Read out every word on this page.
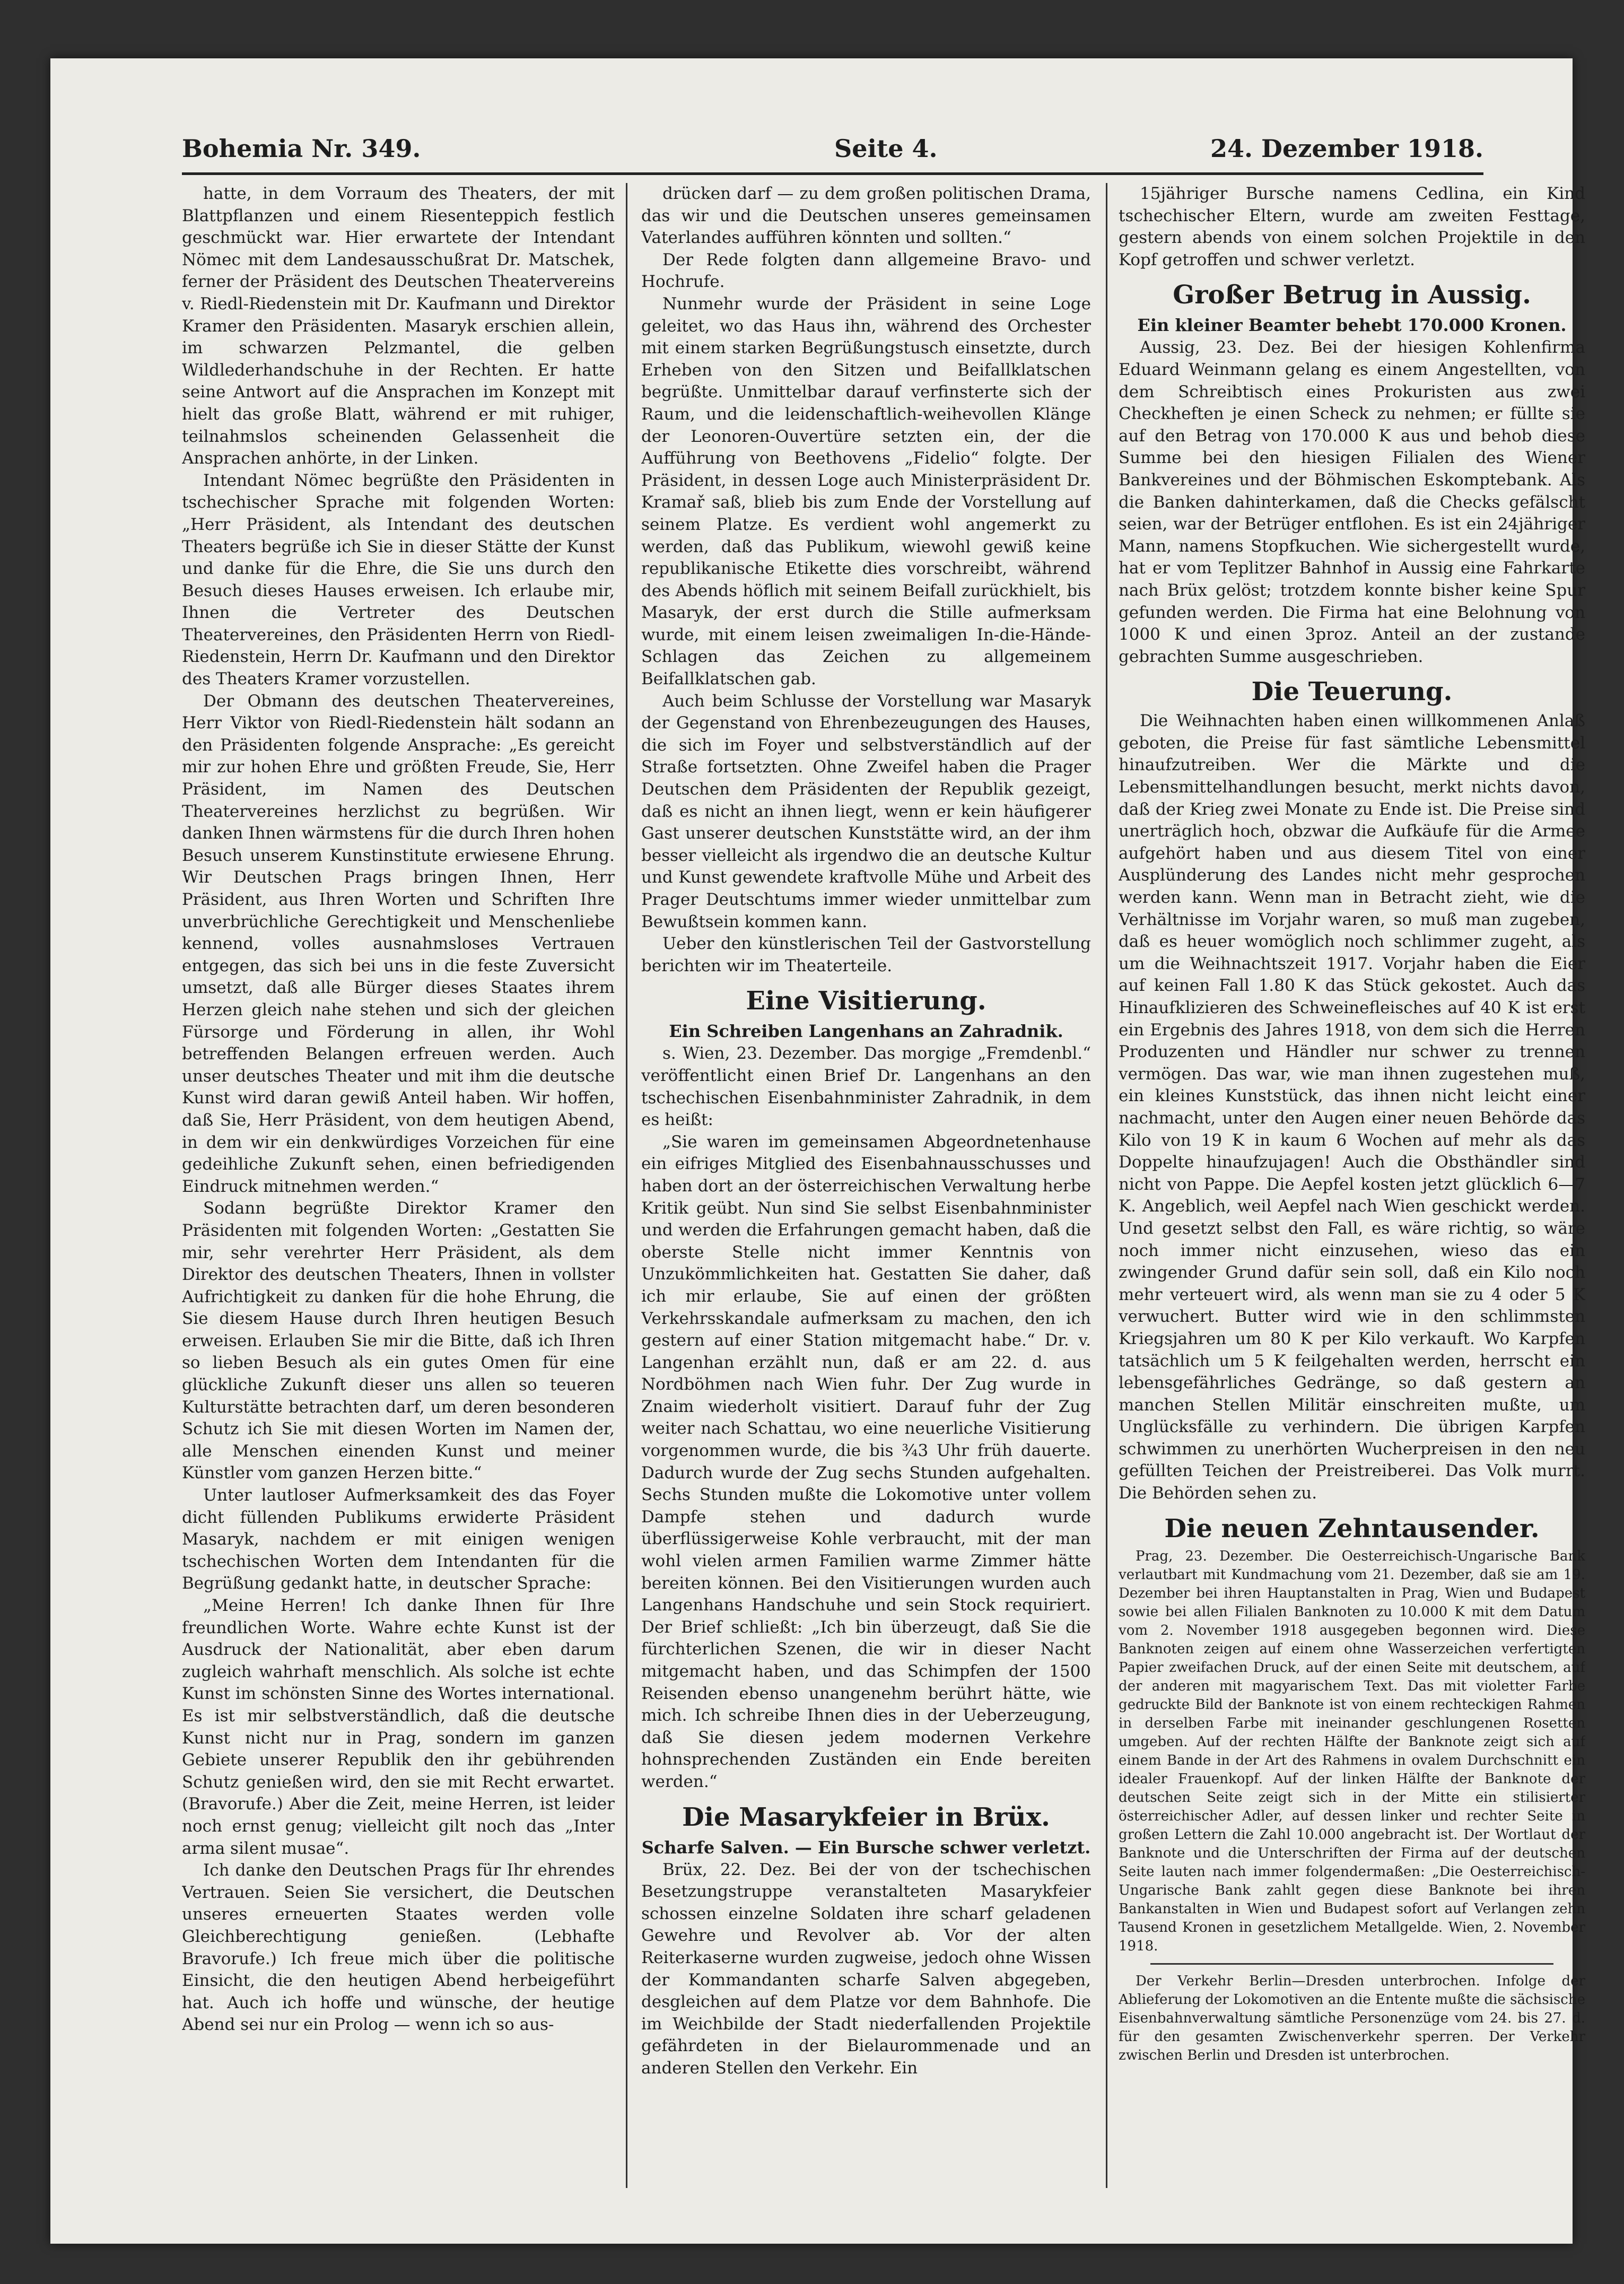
Bohemia Nr. 349.	Seite 4.	24. Dezember 1918.

hatte, in dem Vorraum des Theaters, der mit Blattpflanzen und einem Riesenteppich festlich geschmückt war. Hier erwartete der Intendant Nömec mit dem Landesausschußrat Dr. Matschek, ferner der Präsident des Deutschen Theatervereins v. Riedl-Riedenstein mit Dr. Kaufmann und Direktor Kramer den Präsidenten. Masaryk erschien allein, im schwarzen Pelzmantel, die gelben Wildlederhandschuhe in der Rechten. Er hatte seine Antwort auf die Ansprachen im Konzept mit hielt das große Blatt, während er mit ruhiger, teilnahmslos scheinenden Gelassenheit die Ansprachen anhörte, in der Linken.

Intendant Nömec begrüßte den Präsidenten in tschechischer Sprache mit folgenden Worten: „Herr Präsident, als Intendant des deutschen Theaters begrüße ich Sie in dieser Stätte der Kunst und danke für die Ehre, die Sie uns durch den Besuch dieses Hauses erweisen. Ich erlaube mir, Ihnen die Vertreter des Deutschen Theatervereines, den Präsidenten Herrn von Riedl-Riedenstein, Herrn Dr. Kaufmann und den Direktor des Theaters Kramer vorzustellen.

Der Obmann des deutschen Theatervereines, Herr Viktor von Riedl-Riedenstein hält sodann an den Präsidenten folgende Ansprache: „Es gereicht mir zur hohen Ehre und größten Freude, Sie, Herr Präsident, im Namen des Deutschen Theatervereines herzlichst zu begrüßen. Wir danken Ihnen wärmstens für die durch Ihren hohen Besuch unserem Kunstinstitute erwiesene Ehrung. Wir Deutschen Prags bringen Ihnen, Herr Präsident, aus Ihren Worten und Schriften Ihre unverbrüchliche Gerechtigkeit und Menschenliebe kennend, volles ausnahmsloses Vertrauen entgegen, das sich bei uns in die feste Zuversicht umsetzt, daß alle Bürger dieses Staates ihrem Herzen gleich nahe stehen und sich der gleichen Fürsorge und Förderung in allen, ihr Wohl betreffenden Belangen erfreuen werden. Auch unser deutsches Theater und mit ihm die deutsche Kunst wird daran gewiß Anteil haben. Wir hoffen, daß Sie, Herr Präsident, von dem heutigen Abend, in dem wir ein denkwürdiges Vorzeichen für eine gedeihliche Zukunft sehen, einen befriedigenden Eindruck mitnehmen werden.“

Sodann begrüßte Direktor Kramer den Präsidenten mit folgenden Worten: „Gestatten Sie mir, sehr verehrter Herr Präsident, als dem Direktor des deutschen Theaters, Ihnen in vollster Aufrichtigkeit zu danken für die hohe Ehrung, die Sie diesem Hause durch Ihren heutigen Besuch erweisen. Erlauben Sie mir die Bitte, daß ich Ihren so lieben Besuch als ein gutes Omen für eine glückliche Zukunft dieser uns allen so teueren Kulturstätte betrachten darf, um deren besonderen Schutz ich Sie mit diesen Worten im Namen der, alle Menschen einenden Kunst und meiner Künstler vom ganzen Herzen bitte.“

Unter lautloser Aufmerksamkeit des das Foyer dicht füllenden Publikums erwiderte Präsident Masaryk, nachdem er mit einigen wenigen tschechischen Worten dem Intendanten für die Begrüßung gedankt hatte, in deutscher Sprache:

„Meine Herren! Ich danke Ihnen für Ihre freundlichen Worte. Wahre echte Kunst ist der Ausdruck der Nationalität, aber eben darum zugleich wahrhaft menschlich. Als solche ist echte Kunst im schönsten Sinne des Wortes international. Es ist mir selbstverständlich, daß die deutsche Kunst nicht nur in Prag, sondern im ganzen Gebiete unserer Republik den ihr gebührenden Schutz genießen wird, den sie mit Recht erwartet. (Bravorufe.) Aber die Zeit, meine Herren, ist leider noch ernst genug; vielleicht gilt noch das „Inter arma silent musae“.

Ich danke den Deutschen Prags für Ihr ehrendes Vertrauen. Seien Sie versichert, die Deutschen unseres erneuerten Staates werden volle Gleichberechtigung genießen. (Lebhafte Bravorufe.) Ich freue mich über die politische Einsicht, die den heutigen Abend herbeigeführt hat. Auch ich hoffe und wünsche, der heutige Abend sei nur ein Prolog — wenn ich so aus-

drücken darf — zu dem großen politischen Drama, das wir und die Deutschen unseres gemeinsamen Vaterlandes aufführen könnten und sollten.“

Der Rede folgten dann allgemeine Bravo- und Hochrufe.

Nunmehr wurde der Präsident in seine Loge geleitet, wo das Haus ihn, während des Orchester mit einem starken Begrüßungstusch einsetzte, durch Erheben von den Sitzen und Beifallklatschen begrüßte. Unmittelbar darauf verfinsterte sich der Raum, und die leidenschaftlich-weihevollen Klänge der Leonoren-Ouvertüre setzten ein, der die Aufführung von Beethovens „Fidelio“ folgte. Der Präsident, in dessen Loge auch Ministerpräsident Dr. Kramař saß, blieb bis zum Ende der Vorstellung auf seinem Platze. Es verdient wohl angemerkt zu werden, daß das Publikum, wiewohl gewiß keine republikanische Etikette dies vorschreibt, während des Abends höflich mit seinem Beifall zurückhielt, bis Masaryk, der erst durch die Stille aufmerksam wurde, mit einem leisen zweimaligen In-die-Hände-Schlagen das Zeichen zu allgemeinem Beifallklatschen gab.

Auch beim Schlusse der Vorstellung war Masaryk der Gegenstand von Ehrenbezeugungen des Hauses, die sich im Foyer und selbstverständlich auf der Straße fortsetzten. Ohne Zweifel haben die Prager Deutschen dem Präsidenten der Republik gezeigt, daß es nicht an ihnen liegt, wenn er kein häufigerer Gast unserer deutschen Kunststätte wird, an der ihm besser vielleicht als irgendwo die an deutsche Kultur und Kunst gewendete kraftvolle Mühe und Arbeit des Prager Deutschtums immer wieder unmittelbar zum Bewußtsein kommen kann.

Ueber den künstlerischen Teil der Gastvorstellung berichten wir im Theaterteile.

Eine Visitierung.

Ein Schreiben Langenhans an Zahradnik.

s. Wien, 23. Dezember. Das morgige „Fremdenbl.“ veröffentlicht einen Brief Dr. Langenhans an den tschechischen Eisenbahnminister Zahradnik, in dem es heißt:

„Sie waren im gemeinsamen Abgeordnetenhause ein eifriges Mitglied des Eisenbahnausschusses und haben dort an der österreichischen Verwaltung herbe Kritik geübt. Nun sind Sie selbst Eisenbahnminister und werden die Erfahrungen gemacht haben, daß die oberste Stelle nicht immer Kenntnis von Unzukömmlichkeiten hat. Gestatten Sie daher, daß ich mir erlaube, Sie auf einen der größten Verkehrsskandale aufmerksam zu machen, den ich gestern auf einer Station mitgemacht habe.“ Dr. v. Langenhan erzählt nun, daß er am 22. d. aus Nordböhmen nach Wien fuhr. Der Zug wurde in Znaim wiederholt visitiert. Darauf fuhr der Zug weiter nach Schattau, wo eine neuerliche Visitierung vorgenommen wurde, die bis ¾3 Uhr früh dauerte. Dadurch wurde der Zug sechs Stunden aufgehalten. Sechs Stunden mußte die Lokomotive unter vollem Dampfe stehen und dadurch wurde überflüssigerweise Kohle verbraucht, mit der man wohl vielen armen Familien warme Zimmer hätte bereiten können. Bei den Visitierungen wurden auch Langenhans Handschuhe und sein Stock requiriert. Der Brief schließt: „Ich bin überzeugt, daß Sie die fürchterlichen Szenen, die wir in dieser Nacht mitgemacht haben, und das Schimpfen der 1500 Reisenden ebenso unangenehm berührt hätte, wie mich. Ich schreibe Ihnen dies in der Ueberzeugung, daß Sie diesen jedem modernen Verkehre hohnsprechenden Zuständen ein Ende bereiten werden.“

Die Masarykfeier in Brüx.

Scharfe Salven. — Ein Bursche schwer verletzt.

Brüx, 22. Dez. Bei der von der tschechischen Besetzungstruppe veranstalteten Masarykfeier schossen einzelne Soldaten ihre scharf geladenen Gewehre und Revolver ab. Vor der alten Reiterkaserne wurden zugweise, jedoch ohne Wissen der Kommandanten scharfe Salven abgegeben, desgleichen auf dem Platze vor dem Bahnhofe. Die im Weichbilde der Stadt niederfallenden Projektile gefährdeten in der Bielaurommenade und an anderen Stellen den Verkehr. Ein

15jähriger Bursche namens Cedlina, ein Kind tschechischer Eltern, wurde am zweiten Festtage, gestern abends von einem solchen Projektile in den Kopf getroffen und schwer verletzt.

Großer Betrug in Aussig.

Ein kleiner Beamter behebt 170.000 Kronen.

Aussig, 23. Dez. Bei der hiesigen Kohlenfirma Eduard Weinmann gelang es einem Angestellten, von dem Schreibtisch eines Prokuristen aus zwei Checkheften je einen Scheck zu nehmen; er füllte sie auf den Betrag von 170.000 K aus und behob diese Summe bei den hiesigen Filialen des Wiener Bankvereines und der Böhmischen Eskomptebank. Als die Banken dahinterkamen, daß die Checks gefälscht seien, war der Betrüger entflohen. Es ist ein 24jähriger Mann, namens Stopfkuchen. Wie sichergestellt wurde, hat er vom Teplitzer Bahnhof in Aussig eine Fahrkarte nach Brüx gelöst; trotzdem konnte bisher keine Spur gefunden werden. Die Firma hat eine Belohnung von 1000 K und einen 3proz. Anteil an der zustande gebrachten Summe ausgeschrieben.

Die Teuerung.

Die Weihnachten haben einen willkommenen Anlaß geboten, die Preise für fast sämtliche Lebensmittel hinaufzutreiben. Wer die Märkte und die Lebensmittelhandlungen besucht, merkt nichts davon, daß der Krieg zwei Monate zu Ende ist. Die Preise sind unerträglich hoch, obzwar die Aufkäufe für die Armee aufgehört haben und aus diesem Titel von einer Ausplünderung des Landes nicht mehr gesprochen werden kann. Wenn man in Betracht zieht, wie die Verhältnisse im Vorjahr waren, so muß man zugeben, daß es heuer womöglich noch schlimmer zugeht, als um die Weihnachtszeit 1917. Vorjahr haben die Eier auf keinen Fall 1.80 K das Stück gekostet. Auch das Hinaufklizieren des Schweinefleisches auf 40 K ist erst ein Ergebnis des Jahres 1918, von dem sich die Herren Produzenten und Händler nur schwer zu trennen vermögen. Das war, wie man ihnen zugestehen muß, ein kleines Kunststück, das ihnen nicht leicht einer nachmacht, unter den Augen einer neuen Behörde das Kilo von 19 K in kaum 6 Wochen auf mehr als das Doppelte hinaufzujagen! Auch die Obsthändler sind nicht von Pappe. Die Aepfel kosten jetzt glücklich 6—7 K. Angeblich, weil Aepfel nach Wien geschickt werden. Und gesetzt selbst den Fall, es wäre richtig, so wäre noch immer nicht einzusehen, wieso das ein zwingender Grund dafür sein soll, daß ein Kilo noch mehr verteuert wird, als wenn man sie zu 4 oder 5 K verwuchert. Butter wird wie in den schlimmsten Kriegsjahren um 80 K per Kilo verkauft. Wo Karpfen tatsächlich um 5 K feilgehalten werden, herrscht ein lebensgefährliches Gedränge, so daß gestern an manchen Stellen Militär einschreiten mußte, um Unglücksfälle zu verhindern. Die übrigen Karpfen schwimmen zu unerhörten Wucherpreisen in den neu gefüllten Teichen der Preistreiberei. Das Volk murrt. Die Behörden sehen zu.

Die neuen Zehntausender.

Prag, 23. Dezember. Die Oesterreichisch-Ungarische Bank verlautbart mit Kundmachung vom 21. Dezember, daß sie am 19. Dezember bei ihren Hauptanstalten in Prag, Wien und Budapest sowie bei allen Filialen Banknoten zu 10.000 K mit dem Datum vom 2. November 1918 ausgegeben begonnen wird. Diese Banknoten zeigen auf einem ohne Wasserzeichen verfertigten Papier zweifachen Druck, auf der einen Seite mit deutschem, auf der anderen mit magyarischem Text. Das mit violetter Farbe gedruckte Bild der Banknote ist von einem rechteckigen Rahmen in derselben Farbe mit ineinander geschlungenen Rosetten umgeben. Auf der rechten Hälfte der Banknote zeigt sich auf einem Bande in der Art des Rahmens in ovalem Durchschnitt ein idealer Frauenkopf. Auf der linken Hälfte der Banknote der deutschen Seite zeigt sich in der Mitte ein stilisierter österreichischer Adler, auf dessen linker und rechter Seite in großen Lettern die Zahl 10.000 angebracht ist. Der Wortlaut der Banknote und die Unterschriften der Firma auf der deutschen Seite lauten nach immer folgendermaßen: „Die Oesterreichisch-Ungarische Bank zahlt gegen diese Banknote bei ihren Bankanstalten in Wien und Budapest sofort auf Verlangen zehn Tausend Kronen in gesetzlichem Metallgelde. Wien, 2. November 1918.

Der Verkehr Berlin—Dresden unterbrochen. Infolge der Ablieferung der Lokomotiven an die Entente mußte die sächsische Eisenbahnverwaltung sämtliche Personenzüge vom 24. bis 27. d. für den gesamten Zwischenverkehr sperren. Der Verkehr zwischen Berlin und Dresden ist unterbrochen.
